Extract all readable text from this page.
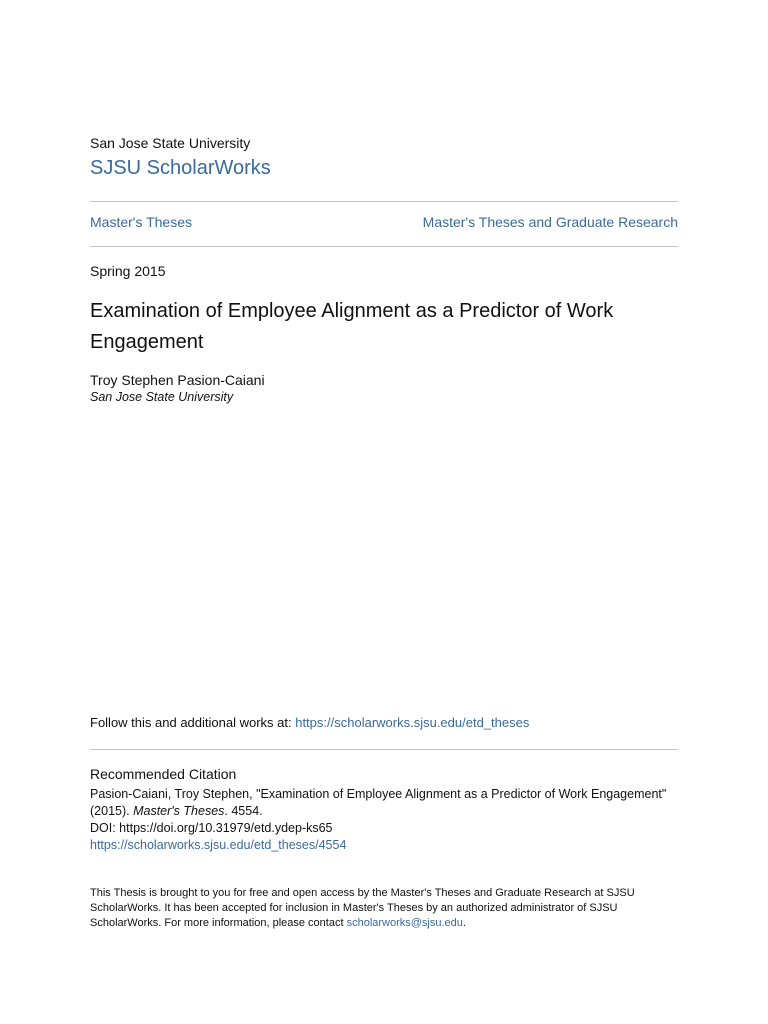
San Jose State University
SJSU ScholarWorks
Master's Theses	Master's Theses and Graduate Research
Spring 2015
Examination of Employee Alignment as a Predictor of Work Engagement
Troy Stephen Pasion-Caiani
San Jose State University
Follow this and additional works at: https://scholarworks.sjsu.edu/etd_theses
Recommended Citation
Pasion-Caiani, Troy Stephen, "Examination of Employee Alignment as a Predictor of Work Engagement"
(2015). Master's Theses. 4554.
DOI: https://doi.org/10.31979/etd.ydep-ks65
https://scholarworks.sjsu.edu/etd_theses/4554
This Thesis is brought to you for free and open access by the Master's Theses and Graduate Research at SJSU ScholarWorks. It has been accepted for inclusion in Master's Theses by an authorized administrator of SJSU ScholarWorks. For more information, please contact scholarworks@sjsu.edu.
